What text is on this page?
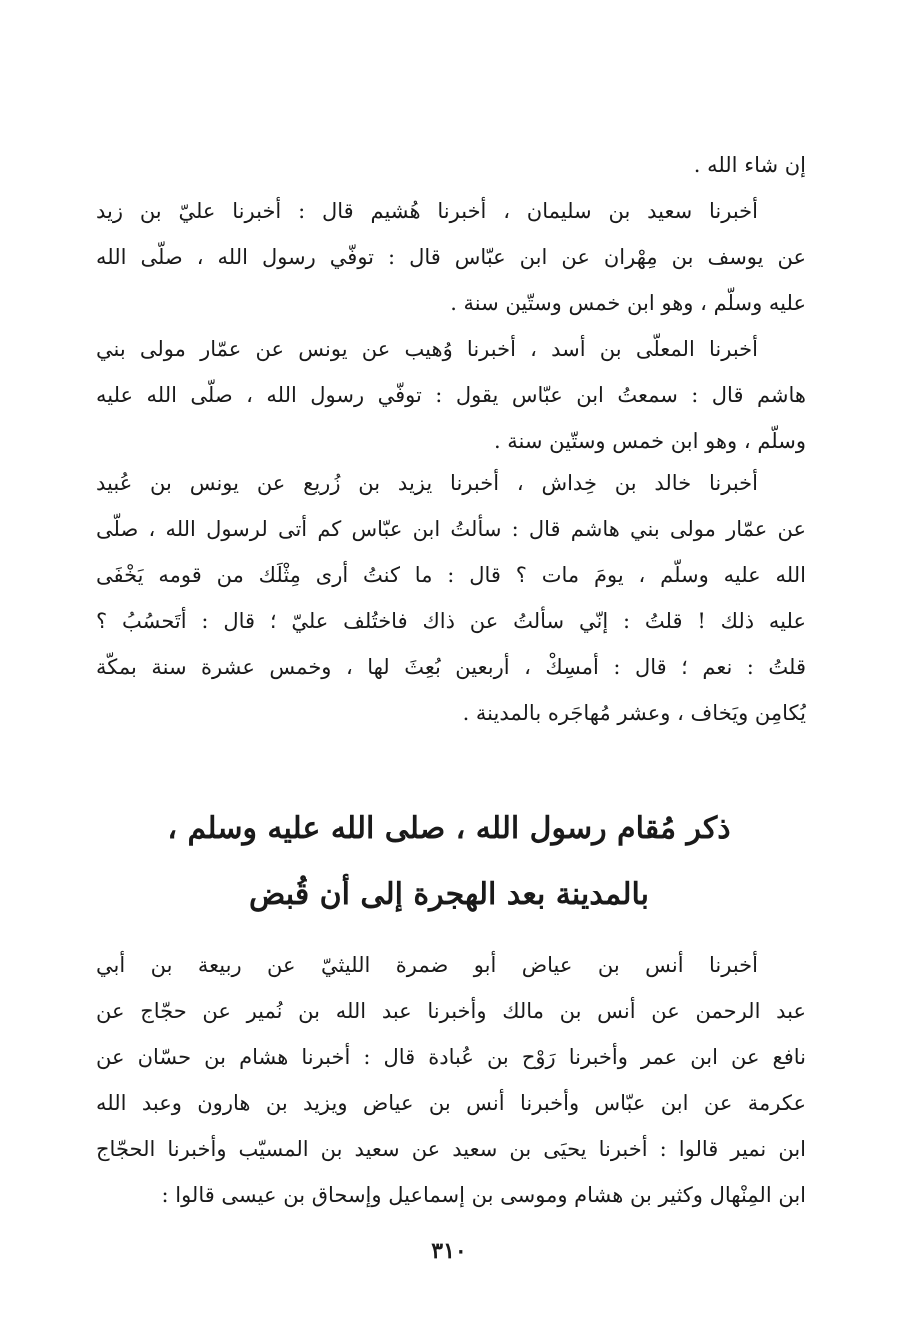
إن شاء الله .
أخبرنا سعيد بن سليمان ، أخبرنا هُشيم قال : أخبرنا عليّ بن زيد
عن يوسف بن مِهْران عن ابن عبّاس قال : توفّي رسول الله ، صلّى الله
عليه وسلّم ، وهو ابن خمس وستّين سنة .
أخبرنا المعلّى بن أسد ، أخبرنا وُهيب عن يونس عن عمّار مولى بني
هاشم قال : سمعتُ ابن عبّاس يقول : توفّي رسول الله ، صلّى الله عليه
وسلّم ، وهو ابن خمس وستّين سنة .
أخبرنا خالد بن خِداش ، أخبرنا يزيد بن زُريع عن يونس بن عُبيد
عن عمّار مولى بني هاشم قال : سألتُ ابن عبّاس كم أتى لرسول الله ، صلّى
الله عليه وسلّم ، يومَ مات ؟ قال : ما كنتُ أرى مِثْلَك من قومه يَخْفَى
عليه ذلك ! قلتُ : إنّي سألتُ عن ذاك فاختُلف عليّ ؛ قال : أتَحسُبُ ؟
قلتُ : نعم ؛ قال : أمسِكْ ، أربعين بُعِثَ لها ، وخمس عشرة سنة بمكّة
يُكامِن ويَخاف ، وعشر مُهاجَره بالمدينة .
ذكر مُقام رسول الله ، صلى الله عليه وسلم ،
بالمدينة بعد الهجرة إلى أن قُبض
أخبرنا أنس بن عياض أبو ضمرة الليثيّ عن ربيعة بن أبي
عبد الرحمن عن أنس بن مالك وأخبرنا عبد الله بن نُمير عن حجّاج عن
نافع عن ابن عمر وأخبرنا رَوْح بن عُبادة قال : أخبرنا هشام بن حسّان عن
عكرمة عن ابن عبّاس وأخبرنا أنس بن عياض ويزيد بن هارون وعبد الله
ابن نمير قالوا : أخبرنا يحيَى بن سعيد عن سعيد بن المسيّب وأخبرنا الحجّاج
ابن المِنْهال وكثير بن هشام وموسى بن إسماعيل وإسحاق بن عيسى قالوا :
٣١٠
